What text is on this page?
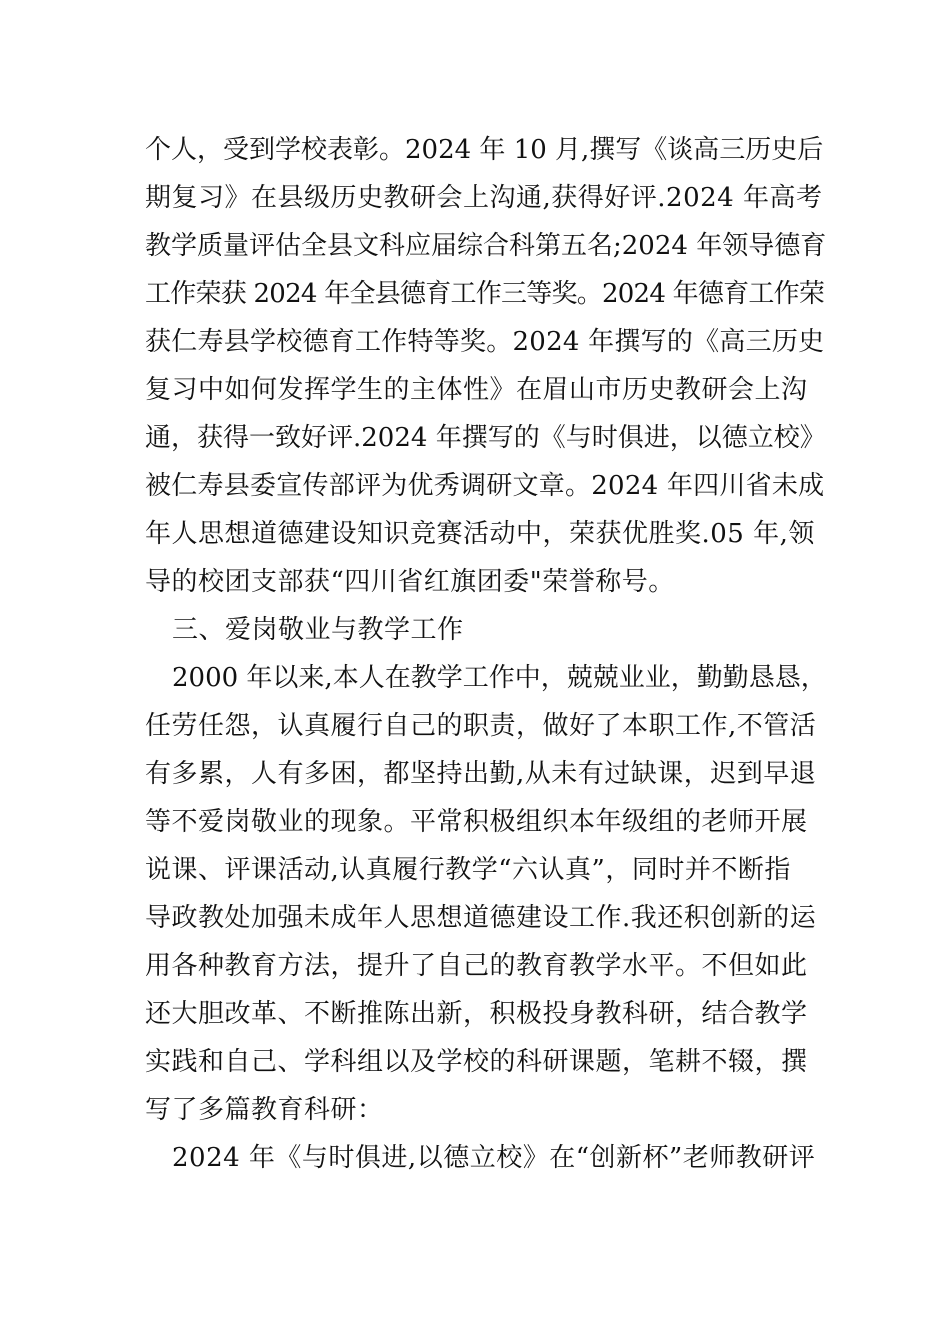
个人，受到学校表彰。2024 年 10 月,撰写《谈高三历史后

期复习》在县级历史教研会上沟通,获得好评.2024 年高考

教学质量评估全县文科应届综合科第五名;2024 年领导德育

工作荣获 2024 年全县德育工作三等奖。2024 年德育工作荣

获仁寿县学校德育工作特等奖。2024 年撰写的《高三历史

复习中如何发挥学生的主体性》在眉山市历史教研会上沟

通，获得一致好评.2024 年撰写的《与时俱进，以德立校》

被仁寿县委宣传部评为优秀调研文章。2024 年四川省未成

年人思想道德建设知识竞赛活动中，荣获优胜奖.05 年,领

导的校团支部获“四川省红旗团委"荣誉称号。

三、爱岗敬业与教学工作

2000 年以来,本人在教学工作中，兢兢业业，勤勤恳恳，

任劳任怨，认真履行自己的职责，做好了本职工作,不管活

有多累，人有多困，都坚持出勤,从未有过缺课，迟到早退

等不爱岗敬业的现象。平常积极组织本年级组的老师开展

说课、评课活动,认真履行教学“六认真”，同时并不断指

导政教处加强未成年人思想道德建设工作.我还积创新的运

用各种教育方法，提升了自己的教育教学水平。不但如此

还大胆改革、不断推陈出新，积极投身教科研，结合教学

实践和自己、学科组以及学校的科研课题，笔耕不辍，撰

写了多篇教育科研：

2024 年《与时俱进,以德立校》在“创新杯”老师教研评
